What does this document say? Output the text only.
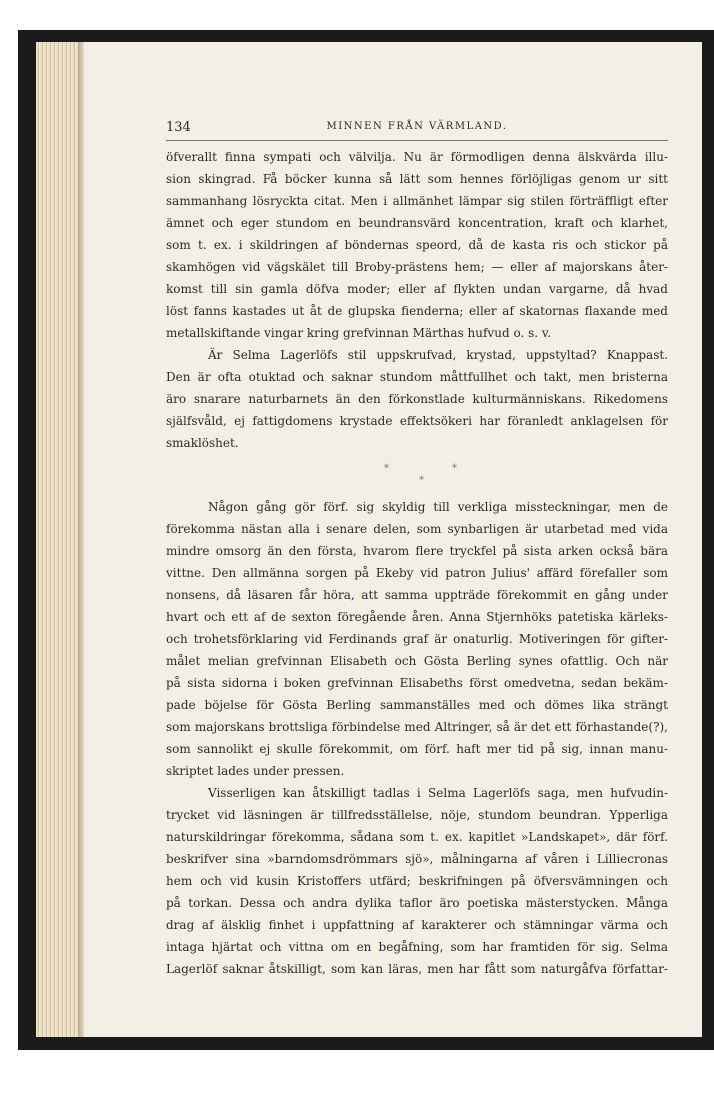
134	MINNEN FRÅN VÄRMLAND.
öfverallt finna sympati och välvilja. Nu är förmodligen denna älskvärda illu-
sion skingrad. Få böcker kunna så lätt som hennes förlöjligas genom ur sitt
sammanhang lösryckta citat. Men i allmänhet lämpar sig stilen förträffligt efter
ämnet och eger stundom en beundransvärd koncentration, kraft och klarhet,
som t. ex. i skildringen af böndernas speord, då de kasta ris och stickor på
skamhögen vid vägskälet till Broby-prästens hem; — eller af majorskans åter-
komst till sin gamla döfva moder; eller af flykten undan vargarne, då hvad
löst fanns kastades ut åt de glupska fienderna; eller af skatornas flaxande med
metallskiftande vingar kring grefvinnan Märthas hufvud o. s. v.
Är Selma Lagerlöfs stil uppskrufvad, krystad, uppstyltad? Knappast.
Den är ofta otuktad och saknar stundom måttfullhet och takt, men bristerna
äro snarare naturbarnets än den förkonstlade kulturmänniskans. Rikedomens
själfsvåld, ej fattigdomens krystade effektsökeri har föranledt anklagelsen för
smaklöshet.
*
*
*
Någon gång gör förf. sig skyldig till verkliga missteckningar, men de
förekomma nästan alla i senare delen, som synbarligen är utarbetad med vida
mindre omsorg än den första, hvarom flere tryckfel på sista arken också bära
vittne. Den allmänna sorgen på Ekeby vid patron Julius' affärd förefaller som
nonsens, då läsaren får höra, att samma uppträde förekommit en gång under
hvart och ett af de sexton föregående åren. Anna Stjernhöks patetiska kärleks-
och trohetsförklaring vid Ferdinands graf är onaturlig. Motiveringen för gifter-
målet melian grefvinnan Elisabeth och Gösta Berling synes ofattlig. Och när
på sista sidorna i boken grefvinnan Elisabeths först omedvetna, sedan bekäm-
pade böjelse för Gösta Berling sammanställes med och dömes lika strängt
som majorskans brottsliga förbindelse med Altringer, så är det ett förhastande(?),
som sannolikt ej skulle förekommit, om förf. haft mer tid på sig, innan manu-
skriptet lades under pressen.
Visserligen kan åtskilligt tadlas i Selma Lagerlöfs saga, men hufvudin-
trycket vid läsningen är tillfredsställelse, nöje, stundom beundran. Ypperliga
naturskildringar förekomma, sådana som t. ex. kapitlet »Landskapet», där förf.
beskrifver sina »barndomsdrömmars sjö», målningarna af våren i Lilliecronas
hem och vid kusin Kristoffers utfärd; beskrifningen på öfversvämningen och
på torkan. Dessa och andra dylika taflor äro poetiska mästerstycken. Många
drag af älsklig finhet i uppfattning af karakterer och stämningar värma och
intaga hjärtat och vittna om en begåfning, som har framtiden för sig. Selma
Lagerlöf saknar åtskilligt, som kan läras, men har fått som naturgåfva författar-
